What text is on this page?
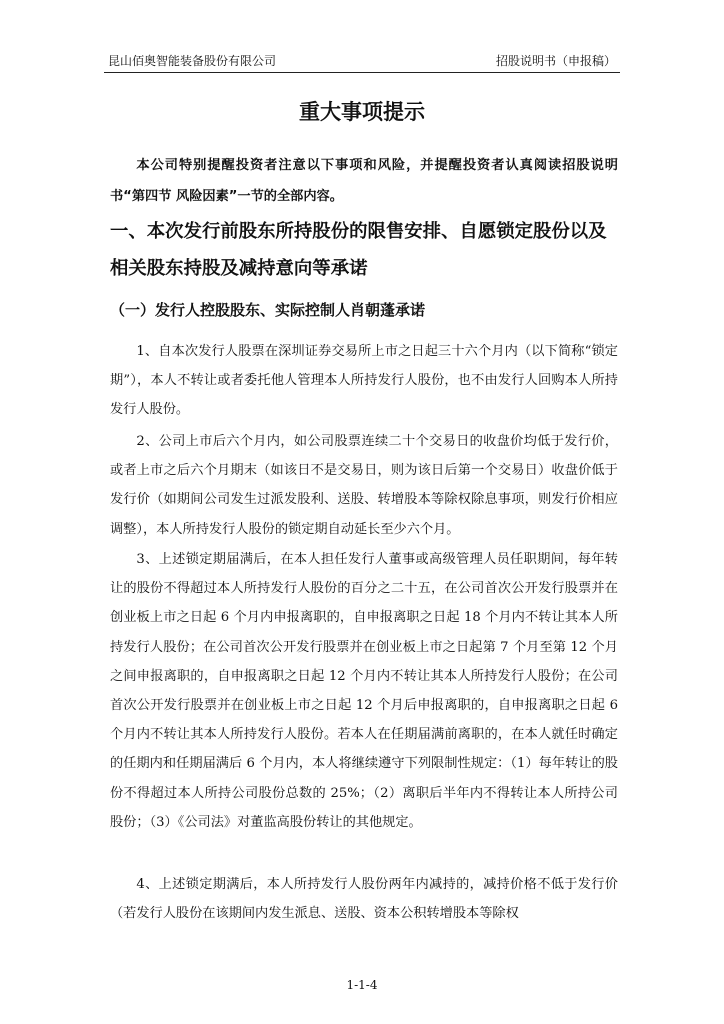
昆山佰奥智能装备股份有限公司	招股说明书（申报稿）
重大事项提示
本公司特别提醒投资者注意以下事项和风险，并提醒投资者认真阅读招股说明书“第四节 风险因素”一节的全部内容。
一、本次发行前股东所持股份的限售安排、自愿锁定股份以及相关股东持股及减持意向等承诺
（一）发行人控股股东、实际控制人肖朝蓬承诺
1、自本次发行人股票在深圳证券交易所上市之日起三十六个月内（以下简称“锁定期”），本人不转让或者委托他人管理本人所持发行人股份，也不由发行人回购本人所持发行人股份。
2、公司上市后六个月内，如公司股票连续二十个交易日的收盘价均低于发行价，或者上市之后六个月期末（如该日不是交易日，则为该日后第一个交易日）收盘价低于发行价（如期间公司发生过派发股利、送股、转增股本等除权除息事项，则发行价相应调整），本人所持发行人股份的锁定期自动延长至少六个月。
3、上述锁定期届满后，在本人担任发行人董事或高级管理人员任职期间，每年转让的股份不得超过本人所持发行人股份的百分之二十五，在公司首次公开发行股票并在创业板上市之日起 6 个月内申报离职的，自申报离职之日起 18 个月内不转让其本人所持发行人股份；在公司首次公开发行股票并在创业板上市之日起第 7 个月至第 12 个月之间申报离职的，自申报离职之日起 12 个月内不转让其本人所持发行人股份；在公司首次公开发行股票并在创业板上市之日起 12 个月后申报离职的，自申报离职之日起 6 个月内不转让其本人所持发行人股份。若本人在任期届满前离职的，在本人就任时确定的任期内和任期届满后 6 个月内，本人将继续遵守下列限制性规定：（1）每年转让的股份不得超过本人所持公司股份总数的 25%；（2）离职后半年内不得转让本人所持公司股份；（3）《公司法》对董监高股份转让的其他规定。
4、上述锁定期满后，本人所持发行人股份两年内减持的，减持价格不低于发行价（若发行人股份在该期间内发生派息、送股、资本公积转增股本等除权
1-1-4
